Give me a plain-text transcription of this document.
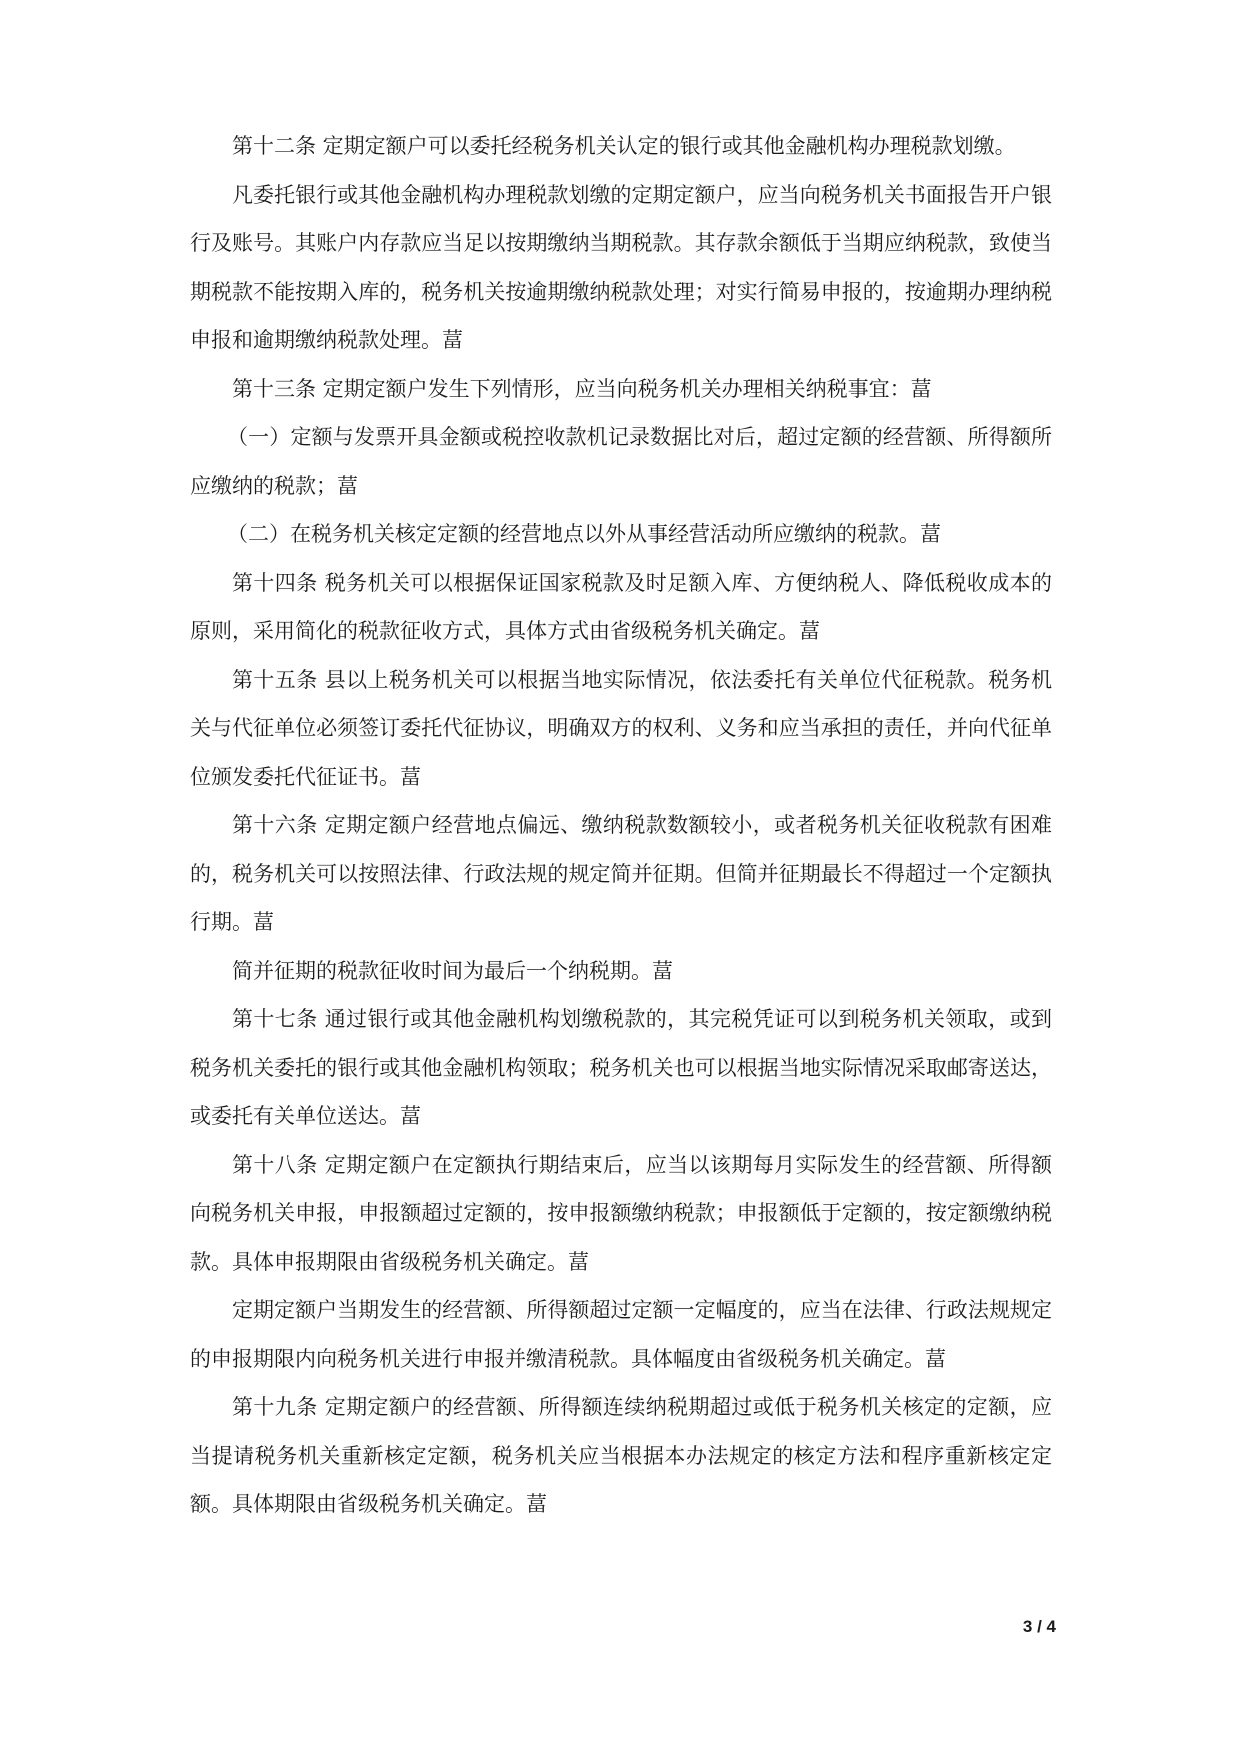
第十二条 定期定额户可以委托经税务机关认定的银行或其他金融机构办理税款划缴。

凡委托银行或其他金融机构办理税款划缴的定期定额户，应当向税务机关书面报告开户银行及账号。其账户内存款应当足以按期缴纳当期税款。其存款余额低于当期应纳税款，致使当期税款不能按期入库的，税务机关按逾期缴纳税款处理；对实行简易申报的，按逾期办理纳税申报和逾期缴纳税款处理。葍

第十三条 定期定额户发生下列情形，应当向税务机关办理相关纳税事宜：葍

（一）定额与发票开具金额或税控收款机记录数据比对后，超过定额的经营额、所得额所应缴纳的税款；葍

（二）在税务机关核定定额的经营地点以外从事经营活动所应缴纳的税款。葍

第十四条 税务机关可以根据保证国家税款及时足额入库、方便纳税人、降低税收成本的原则，采用简化的税款征收方式，具体方式由省级税务机关确定。葍

第十五条 县以上税务机关可以根据当地实际情况，依法委托有关单位代征税款。税务机关与代征单位必须签订委托代征协议，明确双方的权利、义务和应当承担的责任，并向代征单位颁发委托代征证书。葍

第十六条 定期定额户经营地点偏远、缴纳税款数额较小，或者税务机关征收税款有困难的，税务机关可以按照法律、行政法规的规定简并征期。但简并征期最长不得超过一个定额执行期。葍

简并征期的税款征收时间为最后一个纳税期。葍

第十七条 通过银行或其他金融机构划缴税款的，其完税凭证可以到税务机关领取，或到税务机关委托的银行或其他金融机构领取；税务机关也可以根据当地实际情况采取邮寄送达，或委托有关单位送达。葍

第十八条 定期定额户在定额执行期结束后，应当以该期每月实际发生的经营额、所得额向税务机关申报，申报额超过定额的，按申报额缴纳税款；申报额低于定额的，按定额缴纳税款。具体申报期限由省级税务机关确定。葍

定期定额户当期发生的经营额、所得额超过定额一定幅度的，应当在法律、行政法规规定的申报期限内向税务机关进行申报并缴清税款。具体幅度由省级税务机关确定。葍

第十九条 定期定额户的经营额、所得额连续纳税期超过或低于税务机关核定的定额，应当提请税务机关重新核定定额，税务机关应当根据本办法规定的核定方法和程序重新核定定额。具体期限由省级税务机关确定。葍

3 / 4
